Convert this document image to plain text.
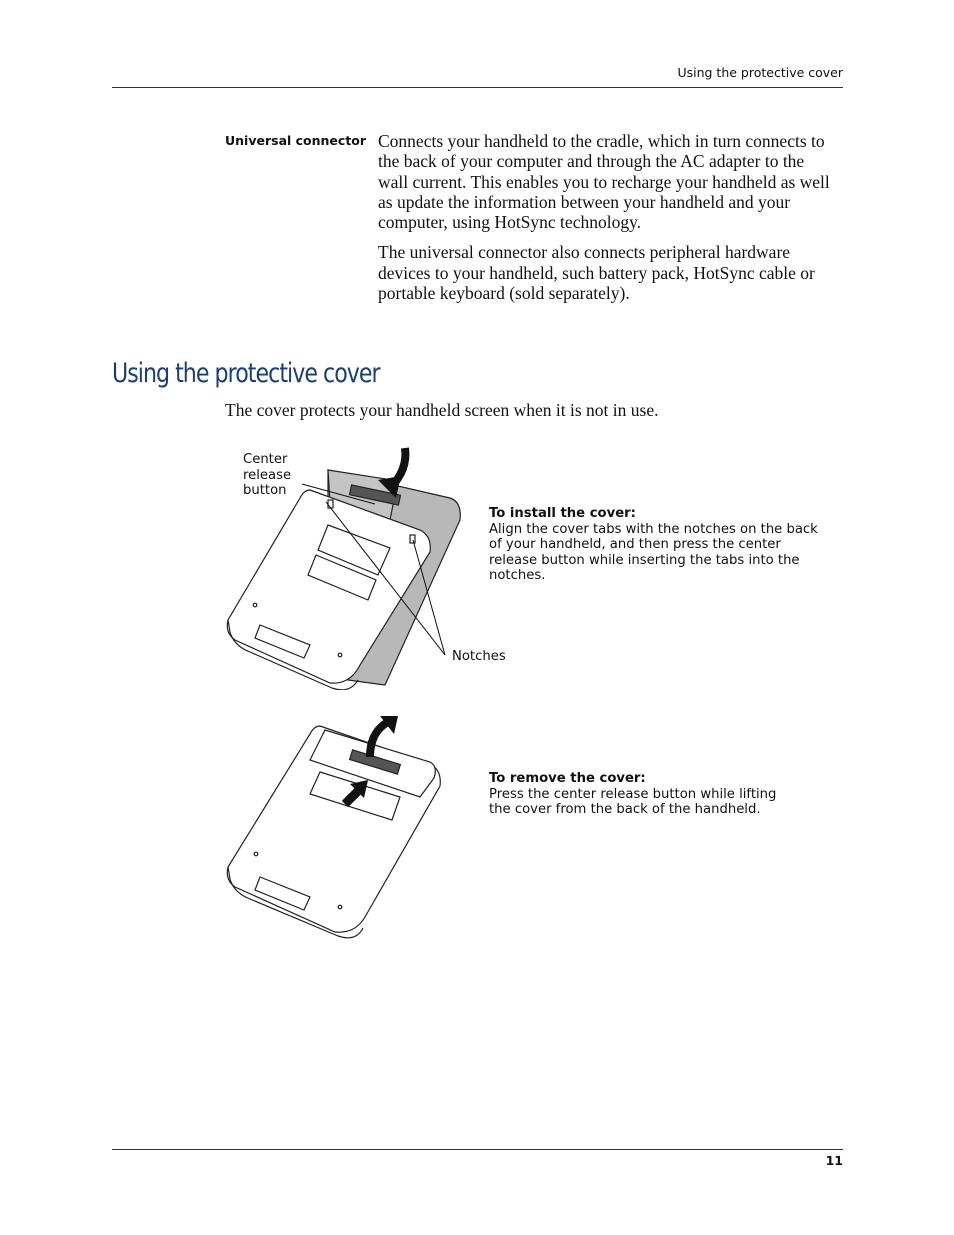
Using the protective cover
Universal connector Connects your handheld to the cradle, which in turn connects to the back of your computer and through the AC adapter to the wall current. This enables you to recharge your handheld as well as update the information between your handheld and your computer, using HotSync technology.

The universal connector also connects peripheral hardware devices to your handheld, such battery pack, HotSync cable or portable keyboard (sold separately).

Using the protective cover
The cover protects your handheld screen when it is not in use.
Center release button
Notches
To install the cover:
Align the cover tabs with the notches on the back of your handheld, and then press the center release button while inserting the tabs into the notches.
To remove the cover:
Press the center release button while lifting the cover from the back of the handheld.
11
